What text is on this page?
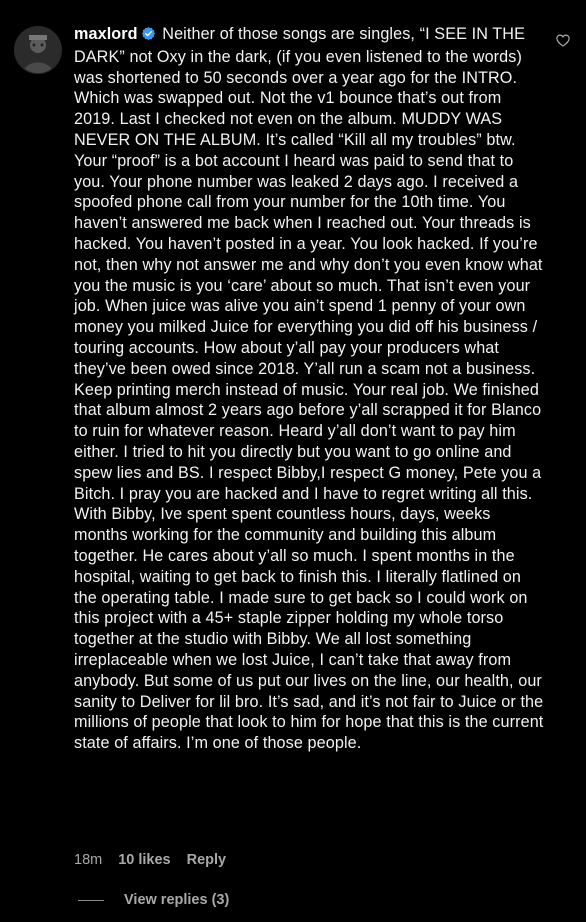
maxlord Neither of those songs are singles, “I SEE IN THE DARK” not Oxy in the dark, (if you even listened to the words) was shortened to 50 seconds over a year ago for the INTRO. Which was swapped out. Not the v1 bounce that’s out from 2019. Last I checked not even on the album. MUDDY WAS NEVER ON THE ALBUM. It’s called “Kill all my troubles” btw. Your “proof” is a bot account I heard was paid to send that to you. Your phone number was leaked 2 days ago. I received a spoofed phone call from your number for the 10th time. You haven’t answered me back when I reached out. Your threads is hacked. You haven’t posted in a year. You look hacked. If you’re not, then why not answer me and why don’t you even know what you the music is you ‘care’ about so much. That isn’t even your job. When juice was alive you ain’t spend 1 penny of your own money you milked Juice for everything you did off his business / touring accounts. How about y’all pay your producers what they’ve been owed since 2018. Y’all run a scam not a business.
Keep printing merch instead of music. Your real job. We finished that album almost 2 years ago before y’all scrapped it for Blanco to ruin for whatever reason. Heard y’all don’t want to pay him either. I tried to hit you directly but you want to go online and spew lies and BS. I respect Bibby,I respect G money, Pete you a Bitch. I pray you are hacked and I have to regret writing all this. With Bibby, Ive spent spent countless hours, days, weeks months working for the community and building this album together. He cares about y’all so much. I spent months in the hospital, waiting to get back to finish this. I literally flatlined on the operating table. I made sure to get back so I could work on this project with a 45+ staple zipper holding my whole torso together at the studio with Bibby. We all lost something irreplaceable when we lost Juice, I can’t take that away from anybody. But some of us put our lives on the line, our health, our sanity to Deliver for lil bro. It’s sad, and it’s not fair to Juice or the millions of people that look to him for hope that this is the current state of affairs. I’m one of those people.

18m 10 likes Reply
View replies (3)
